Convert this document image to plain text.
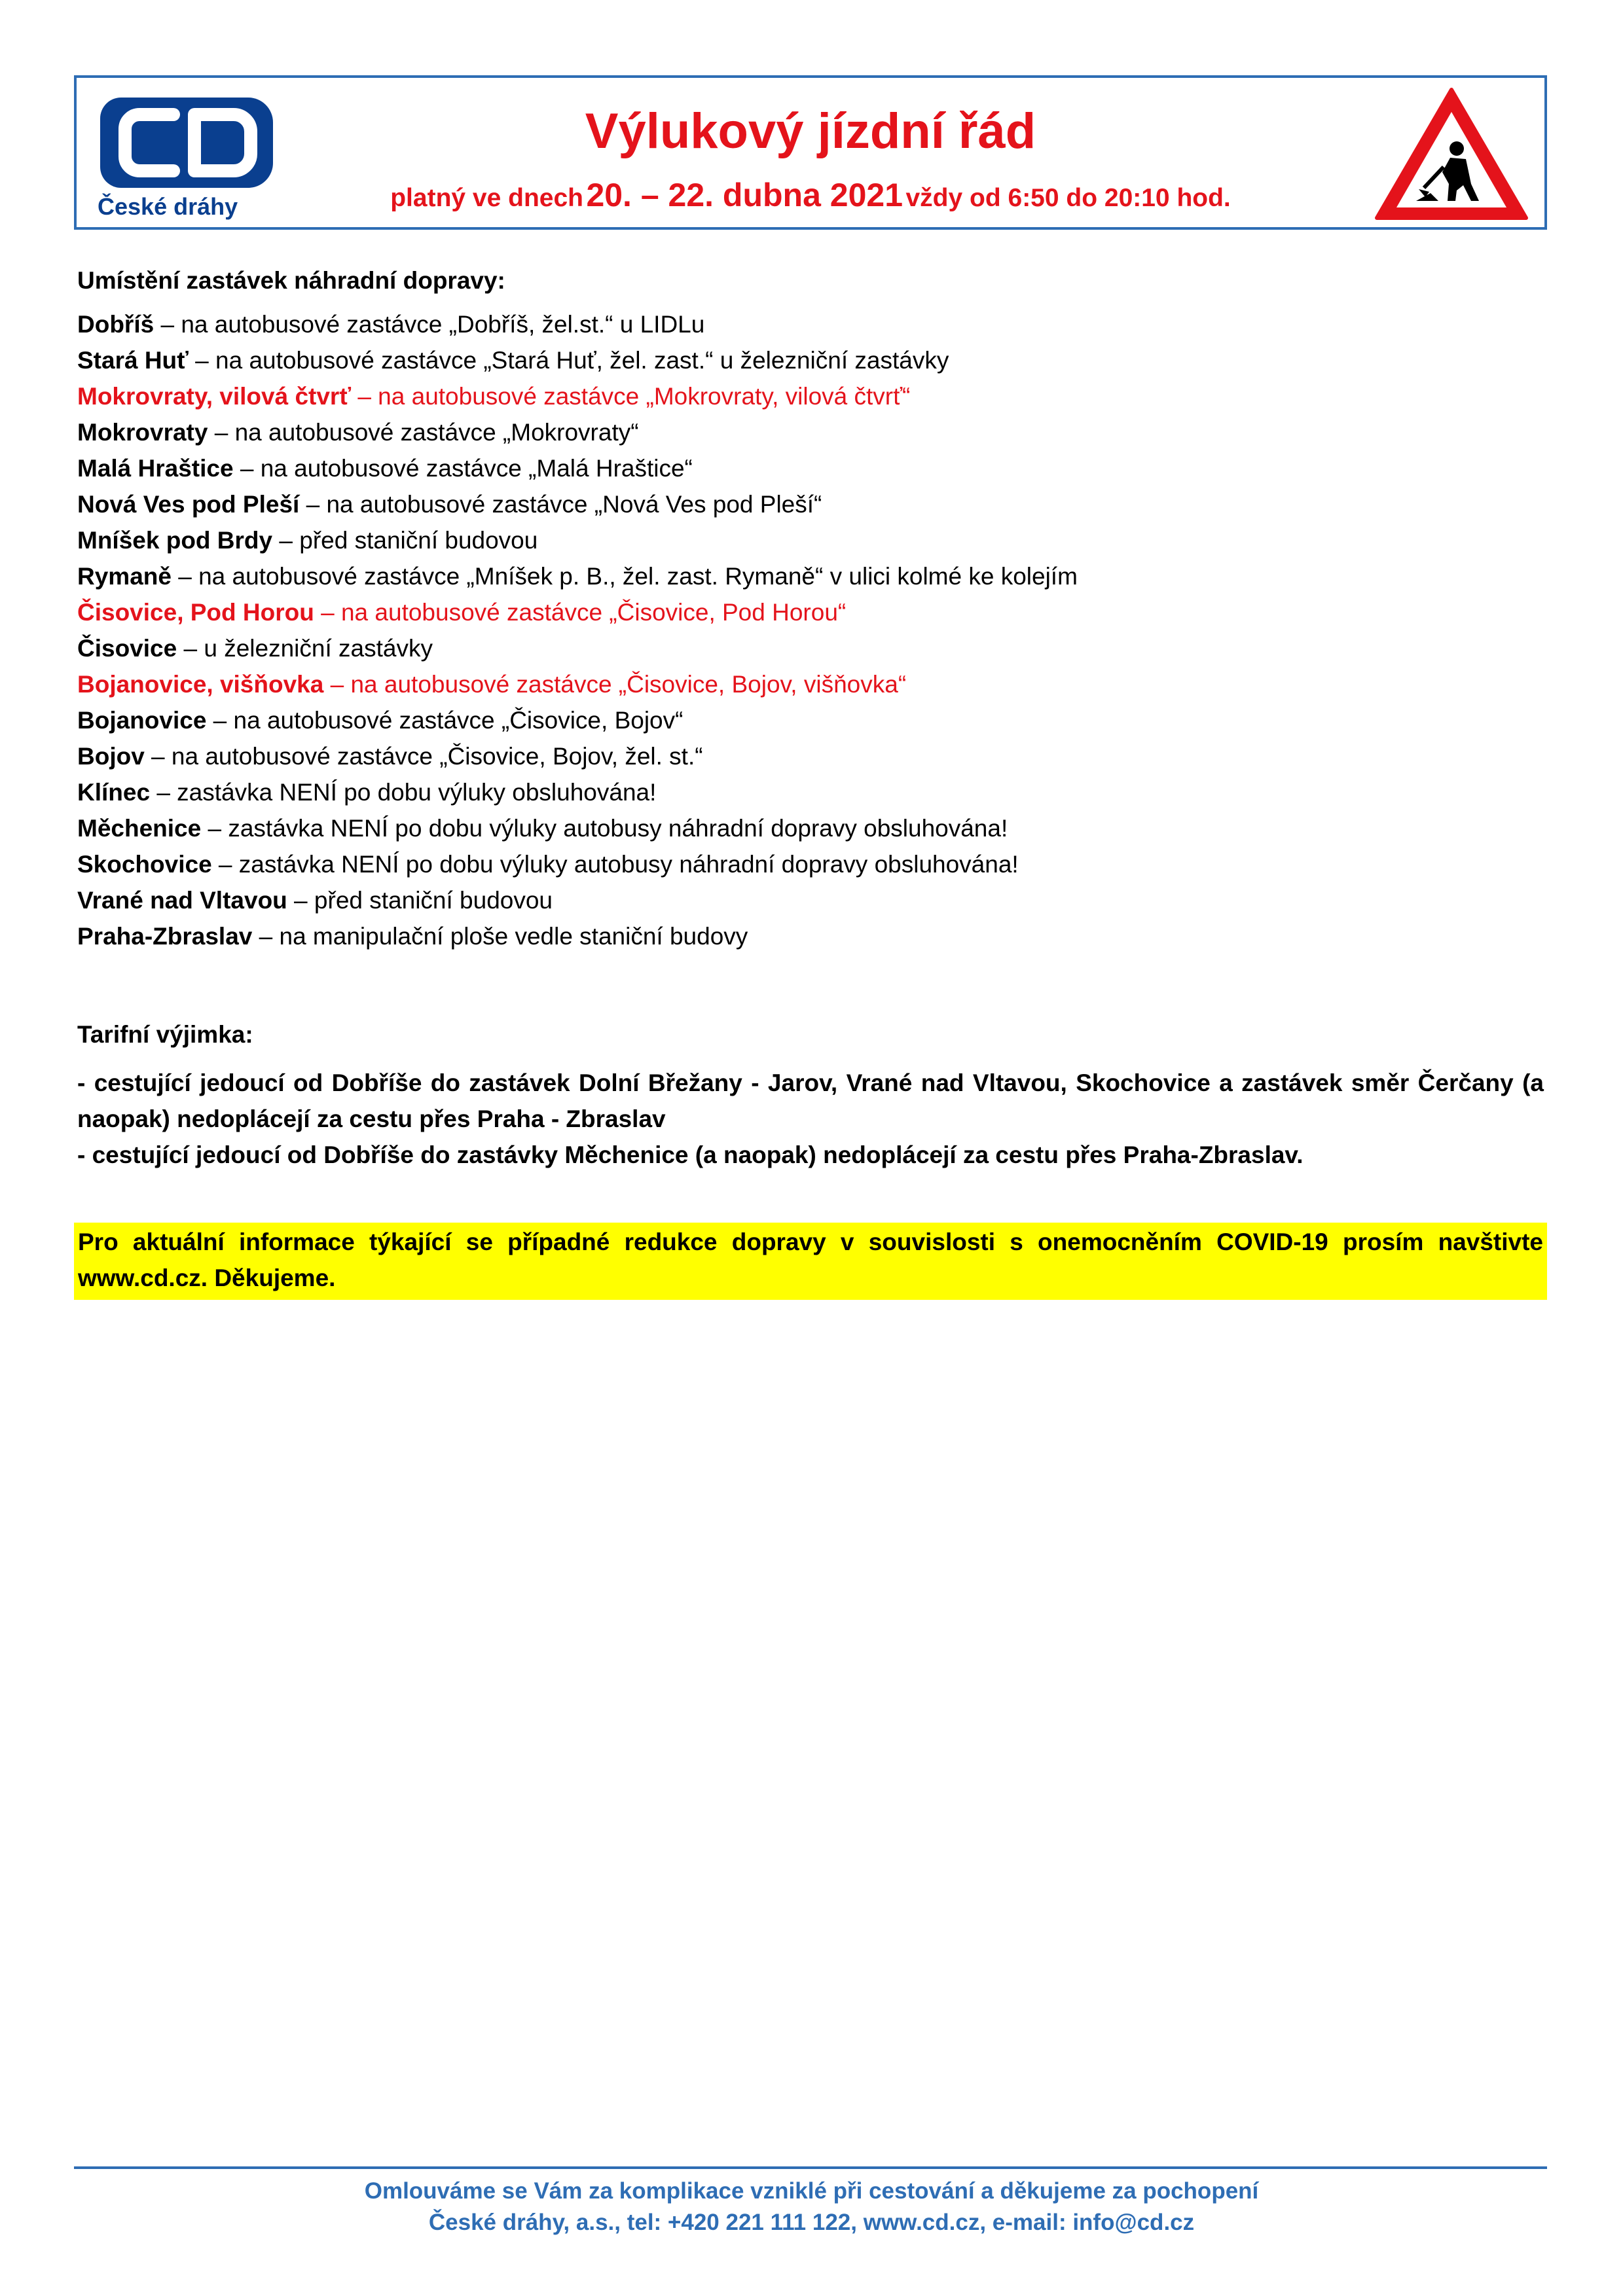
České dráhy
Výlukový jízdní řád
platný ve dnech 20. – 22. dubna 2021 vždy od 6:50 do 20:10 hod.
Umístění zastávek náhradní dopravy:
Dobříš – na autobusové zastávce „Dobříš, žel.st.“ u LIDLu
Stará Huť – na autobusové zastávce „Stará Huť, žel. zast.“ u železniční zastávky
Mokrovraty, vilová čtvrť – na autobusové zastávce „Mokrovraty, vilová čtvrť“
Mokrovraty – na autobusové zastávce „Mokrovraty“
Malá Hraštice – na autobusové zastávce „Malá Hraštice“
Nová Ves pod Pleší – na autobusové zastávce „Nová Ves pod Pleší“
Mníšek pod Brdy – před staniční budovou
Rymaně – na autobusové zastávce „Mníšek p. B., žel. zast. Rymaně“ v ulici kolmé ke kolejím
Čisovice, Pod Horou – na autobusové zastávce „Čisovice, Pod Horou“
Čisovice – u železniční zastávky
Bojanovice, višňovka – na autobusové zastávce „Čisovice, Bojov, višňovka“
Bojanovice – na autobusové zastávce „Čisovice, Bojov“
Bojov – na autobusové zastávce „Čisovice, Bojov, žel. st.“
Klínec – zastávka NENÍ po dobu výluky obsluhována!
Měchenice – zastávka NENÍ po dobu výluky autobusy náhradní dopravy obsluhována!
Skochovice – zastávka NENÍ po dobu výluky autobusy náhradní dopravy obsluhována!
Vrané nad Vltavou – před staniční budovou
Praha-Zbraslav – na manipulační ploše vedle staniční budovy
Tarifní výjimka:

- cestující jedoucí od Dobříše do zastávek Dolní Břežany - Jarov, Vrané nad Vltavou, Skochovice a zastávek směr Čerčany (a naopak) nedoplácejí za cestu přes Praha - Zbraslav

- cestující jedoucí od Dobříše do zastávky Měchenice (a naopak) nedoplácejí za cestu přes Praha-Zbraslav.

Pro aktuální informace týkající se případné redukce dopravy v souvislosti s onemocněním COVID-19 prosím navštivte www.cd.cz. Děkujeme.
Omlouváme se Vám za komplikace vzniklé při cestování a děkujeme za pochopení
České dráhy, a.s., tel: +420 221 111 122, www.cd.cz, e-mail: info@cd.cz
